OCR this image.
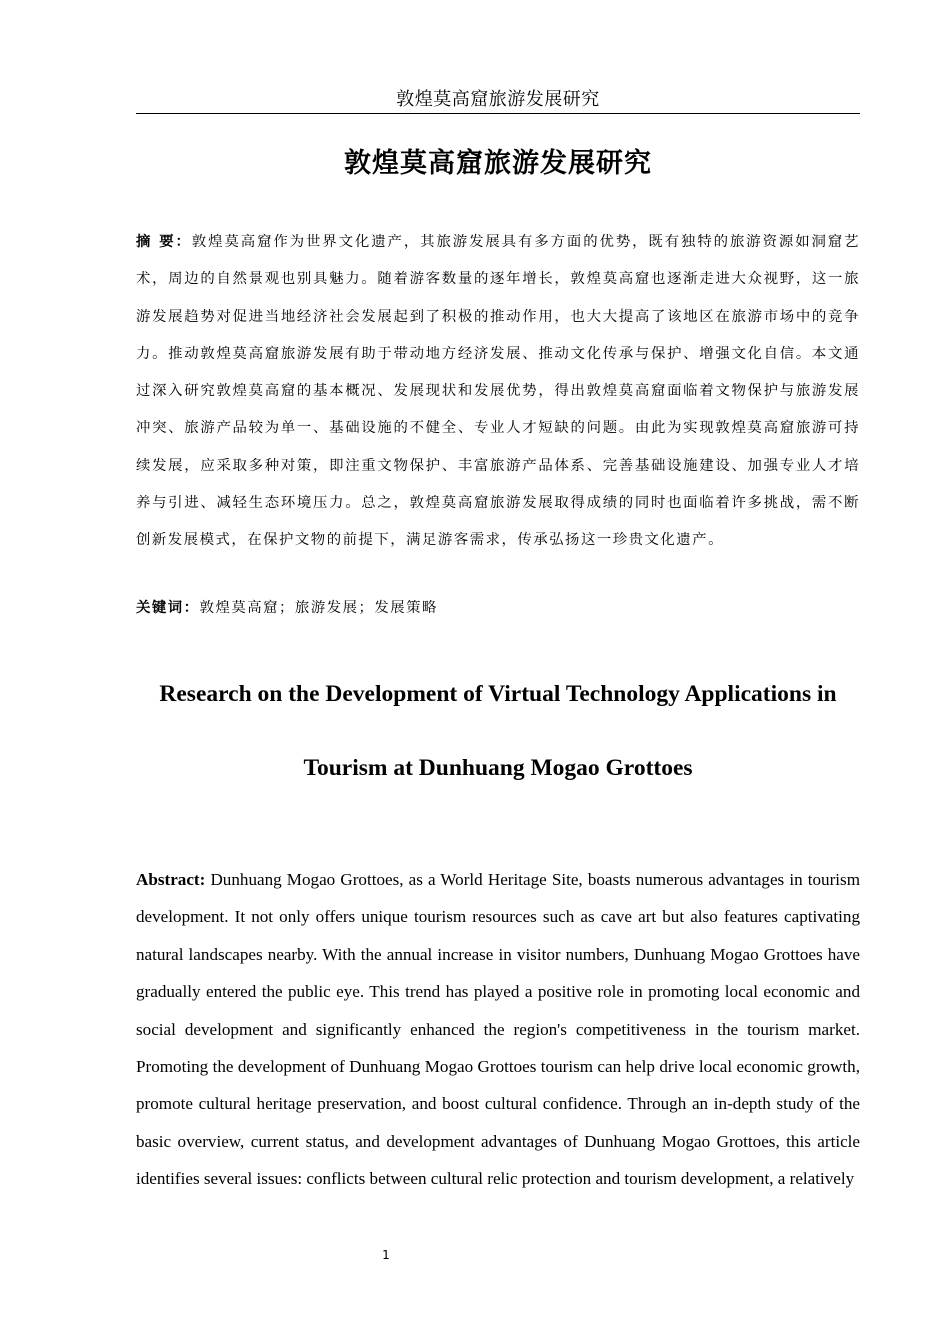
敦煌莫高窟旅游发展研究
敦煌莫高窟旅游发展研究
摘 要：敦煌莫高窟作为世界文化遗产，其旅游发展具有多方面的优势，既有独特的旅游资源如洞窟艺术，周边的自然景观也别具魅力。随着游客数量的逐年增长，敦煌莫高窟也逐渐走进大众视野，这一旅游发展趋势对促进当地经济社会发展起到了积极的推动作用，也大大提高了该地区在旅游市场中的竞争力。推动敦煌莫高窟旅游发展有助于带动地方经济发展、推动文化传承与保护、增强文化自信。本文通过深入研究敦煌莫高窟的基本概况、发展现状和发展优势，得出敦煌莫高窟面临着文物保护与旅游发展冲突、旅游产品较为单一、基础设施的不健全、专业人才短缺的问题。由此为实现敦煌莫高窟旅游可持续发展，应采取多种对策，即注重文物保护、丰富旅游产品体系、完善基础设施建设、加强专业人才培养与引进、减轻生态环境压力。总之，敦煌莫高窟旅游发展取得成绩的同时也面临着许多挑战，需不断创新发展模式，在保护文物的前提下，满足游客需求，传承弘扬这一珍贵文化遗产。
关键词：敦煌莫高窟；旅游发展；发展策略
Research on the Development of Virtual Technology Applications in
Tourism at Dunhuang Mogao Grottoes
Abstract: Dunhuang Mogao Grottoes, as a World Heritage Site, boasts numerous advantages in tourism development. It not only offers unique tourism resources such as cave art but also features captivating natural landscapes nearby. With the annual increase in visitor numbers, Dunhuang Mogao Grottoes have gradually entered the public eye. This trend has played a positive role in promoting local economic and social development and significantly enhanced the region's competitiveness in the tourism market. Promoting the development of Dunhuang Mogao Grottoes tourism can help drive local economic growth, promote cultural heritage preservation, and boost cultural confidence. Through an in-depth study of the basic overview, current status, and development advantages of Dunhuang Mogao Grottoes, this article identifies several issues: conflicts between cultural relic protection and tourism development, a relatively
1
